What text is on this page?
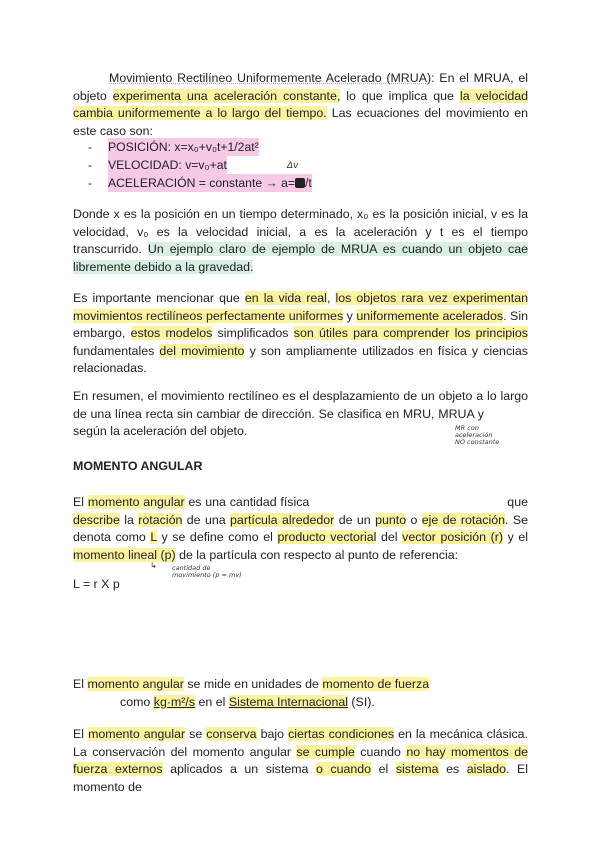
Movimiento Rectilíneo Uniformemente Acelerado (MRUA): En el MRUA, el objeto experimenta una aceleración constante, lo que implica que la velocidad cambia uniformemente a lo largo del tiempo. Las ecuaciones del movimiento en este caso son:

-	POSICIÓN: x=x₀+v₀t+1/2at²
-	VELOCIDAD: v=v₀+at
-	ACELERACIÓN = constante → a= /t
Δv

Donde x es la posición en un tiempo determinado, x₀ es la posición inicial, v es la velocidad, v₀ es la velocidad inicial, a es la aceleración y t es el tiempo transcurrido. Un ejemplo claro de ejemplo de MRUA es cuando un objeto cae libremente debido a la gravedad.

Es importante mencionar que en la vida real, los objetos rara vez experimentan movimientos rectilíneos perfectamente uniformes y uniformemente acelerados. Sin embargo, estos modelos simplificados son útiles para comprender los principios fundamentales del movimiento y son ampliamente utilizados en física y ciencias relacionadas.

En resumen, el movimiento rectilíneo es el desplazamiento de un objeto a lo largo de una línea recta sin cambiar de dirección. Se clasifica en MRU, MRUA ysegún la aceleración del objeto.	MR con
aceleración
NO constante

MOMENTO ANGULAR

El momento angular es una cantidad física	que describe la rotación de una partícula alrededor de un punto o eje de rotación. Se denota como L y se define como el producto vectorial del vector posición (r) y el momento lineal (p) de la partícula con respecto al punto de referencia:

↳ cantidad de
movimiento (p = mv)

L = r X p

El momento angular se mide en unidades de momento de fuerza

como kg·m²/s en el Sistema Internacional (SI).

El momento angular se conserva bajo ciertas condiciones en la mecánica clásica. La conservación del momento angular se cumple cuando no hay momentos de fuerza externos aplicados a un sistema o cuando el sistema es aislado. El momento de
